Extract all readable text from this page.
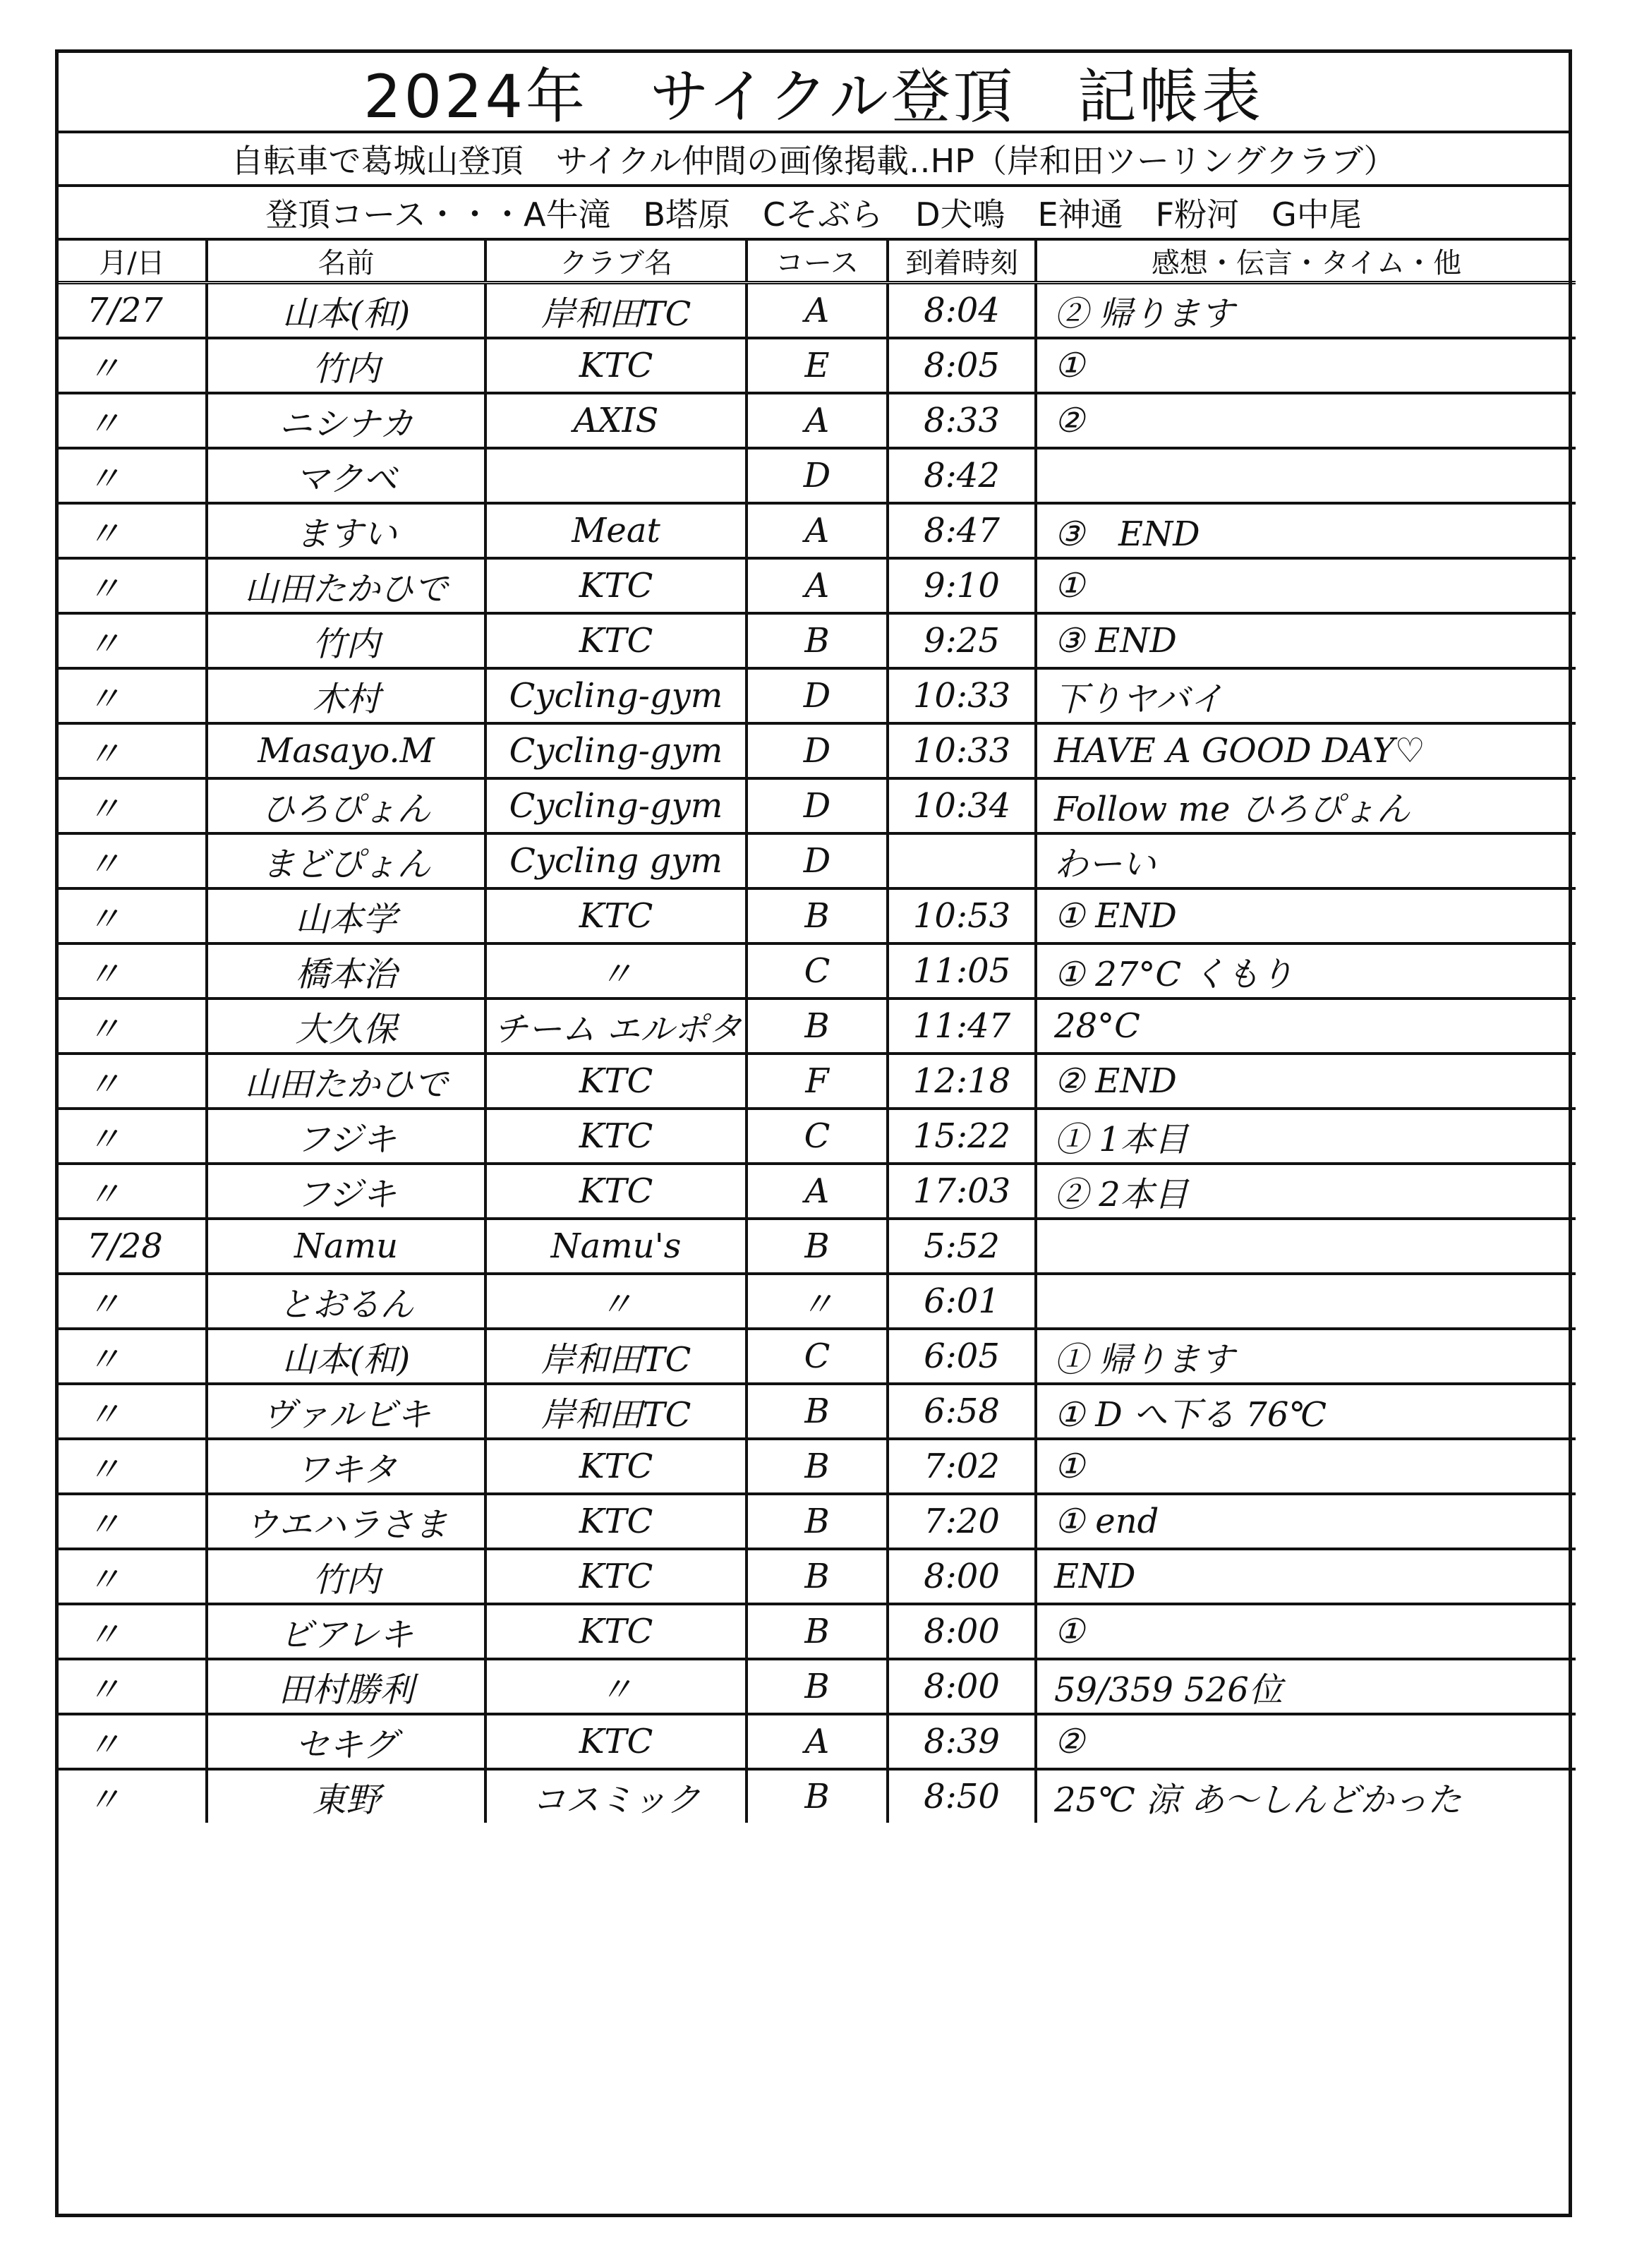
2024年　サイクル登頂　記帳表
自転車で葛城山登頂　サイクル仲間の画像掲載‥HP（岸和田ツーリングクラブ）
登頂コース・・・A牛滝　B塔原　Cそぶら　D犬鳴　E神通　F粉河　G中尾
月/日	名前	クラブ名	コース	到着時刻	感想・伝言・タイム・他
7/27	山本(和)	岸和田TC	A	8:04	② 帰ります
〃	竹内	KTC	E	8:05	①
〃	ニシナカ	AXIS	A	8:33	②
〃	マクベ		D	8:42	
〃	ますい	Meat	A	8:47	③　END
〃	山田たかひで	KTC	A	9:10	①
〃	竹内	KTC	B	9:25	③ END
〃	木村	Cycling-gym	D	10:33	下りヤバイ
〃	Masayo.M	Cycling-gym	D	10:33	HAVE A GOOD DAY♡
〃	ひろぴょん	Cycling-gym	D	10:34	Follow me ひろぴょん
〃	まどぴょん	Cycling gym	D		わーい
〃	山本学	KTC	B	10:53	① END
〃	橋本治	〃	C	11:05	① 27°C くもり
〃	大久保	チーム エルポタ	B	11:47	28°C
〃	山田たかひで	KTC	F	12:18	② END
〃	フジキ	KTC	C	15:22	① 1本目
〃	フジキ	KTC	A	17:03	② 2本目
7/28	Namu	Namu's	B	5:52	
〃	とおるん	〃	〃	6:01	
〃	山本(和)	岸和田TC	C	6:05	① 帰ります
〃	ヴァルビキ	岸和田TC	B	6:58	① D へ下る 76℃
〃	ワキタ	KTC	B	7:02	①
〃	ウエハラさま	KTC	B	7:20	① end
〃	竹内	KTC	B	8:00	END
〃	ビアレキ	KTC	B	8:00	①
〃	田村勝利	〃	B	8:00	59/359 526位
〃	セキグ	KTC	A	8:39	②
〃	東野	コスミック	B	8:50	25℃ 涼 あ〜しんどかった
